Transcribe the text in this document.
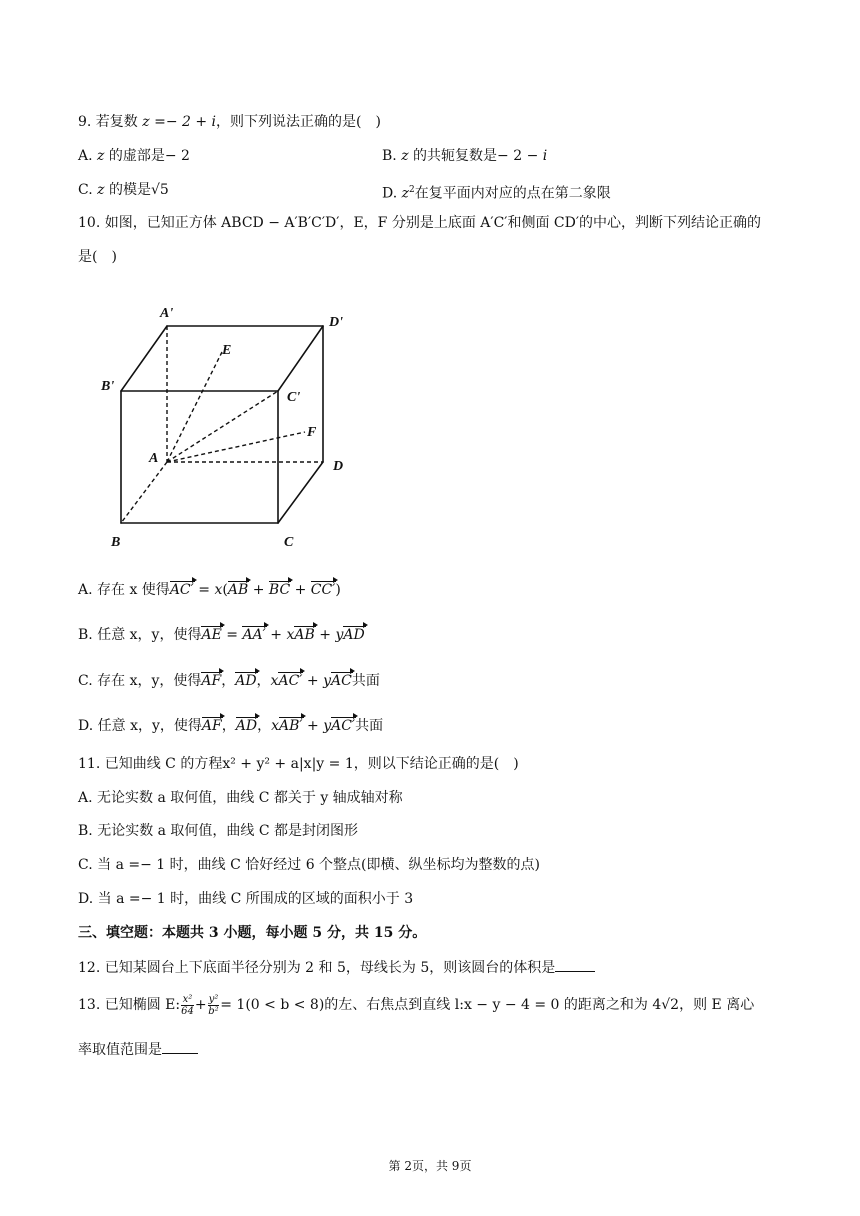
9. 若复数 z =− 2 + i，则下列说法正确的是(　)
A. z 的虚部是− 2	B. z 的共轭复数是− 2 − i
C. z 的模是√5	D. $z^2$在复平面内对应的点在第二象限
10. 如图，已知正方体 ABCD − A′B′C′D′，E，F 分别是上底面 A′C′和侧面 CD′的中心，判断下列结论正确的
是(　)
A'
D'
E
B'
C'
F
A
D
B	C
A. 存在 x 使得AC′ = x(AB + BC + CC′)
B. 任意 x，y，使得AE = AA′ + xAB + yAD
C. 存在 x，y，使得AF，AD，xAC′ + yAC共面
D. 任意 x，y，使得AF，AD，xAB′ + yAC′共面
11. 已知曲线 C 的方程x² + y² + a|x|y = 1，则以下结论正确的是(　)
A. 无论实数 a 取何值，曲线 C 都关于 y 轴成轴对称
B. 无论实数 a 取何值，曲线 C 都是封闭图形
C. 当 a =− 1 时，曲线 C 恰好经过 6 个整点(即横、纵坐标均为整数的点)
D. 当 a =− 1 时，曲线 C 所围成的区域的面积小于 3
三、填空题：本题共 3 小题，每小题 5 分，共 15 分。
12. 已知某圆台上下底面半径分别为 2 和 5，母线长为 5，则该圆台的体积是
13. 已知椭圆 E: $\frac{\text{x²}}{64} + \frac{\text{y²}}{\text{b²}} = 1(0 < b < 8)$的左、右焦点到直线 l:x − y − 4 = 0 的距离之和为 4√2，则 E 离心
率取值范围是
第 2页，共 9页
